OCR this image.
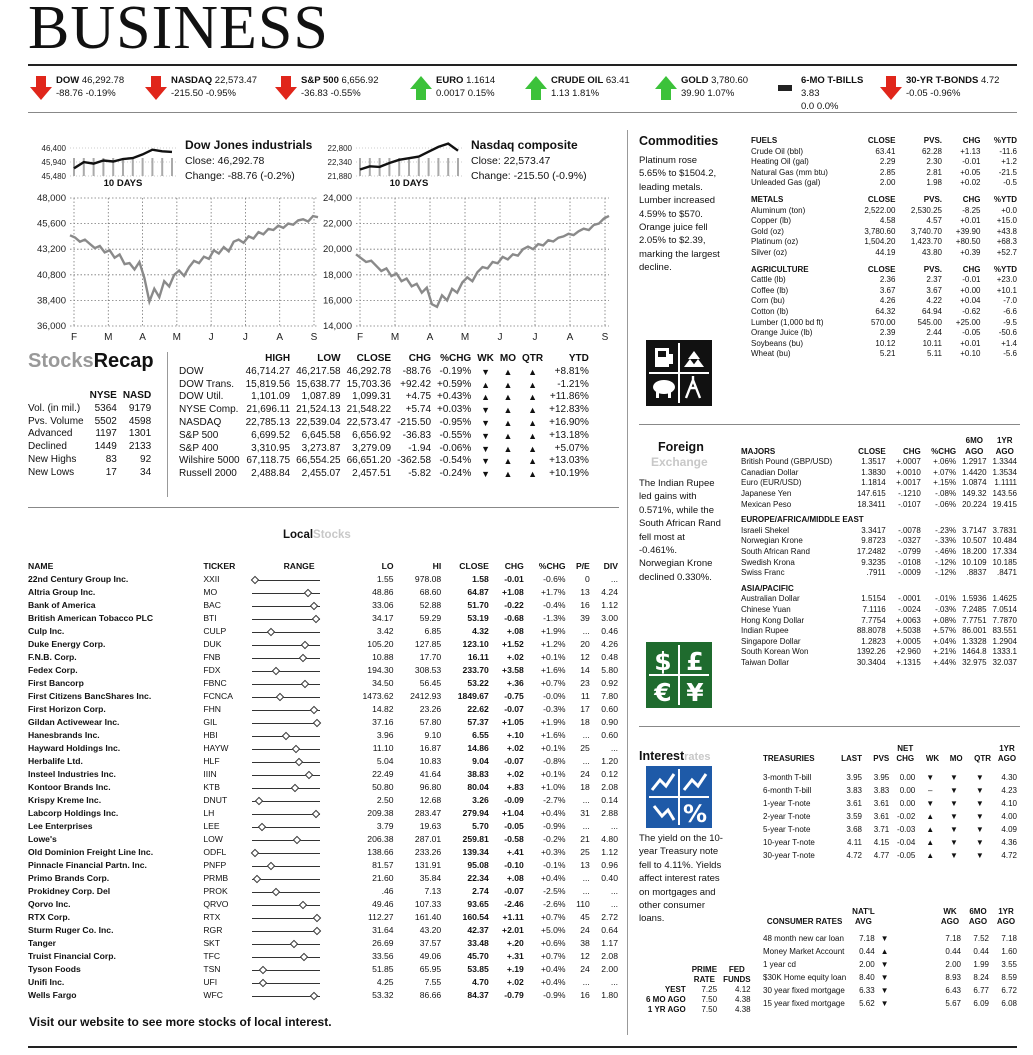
BUSINESS
DOW 46,292.78
-88.76 -0.19%
NASDAQ 22,573.47
-215.50 -0.95%
S&P 500 6,656.92
-36.83 -0.55%
EURO 1.1614
0.0017 0.15%
CRUDE OIL 63.41
1.13 1.81%
GOLD 3,780.60
39.90 1.07%
6-MO T-BILLS 3.83
0.0 0.0%
30-YR T-BONDS 4.72
-0.05 -0.96%
48,000
45,600
43,200
40,800
38,400
36,000
F	M	A	M	J	J	A	S
46,400
45,940
45,480
10 DAYS
Dow Jones industrials
Close: 46,292.78
Change: -88.76 (-0.2%)
24,000
22,000
20,000
18,000
16,000
14,000
F	M	A	M	J	J	A	S
22,800
22,340
21,880
10 DAYS
Nasdaq composite
Close: 22,573.47
Change: -215.50 (-0.9%)
StocksRecap
	NYSE	NASD
Vol. (in mil.)	5364	9179
Pvs. Volume	5502	4598
Advanced	1197	1301
Declined	1449	2133
New Highs	83	92
New Lows	17	34
	HIGH	LOW	CLOSE	CHG	%CHG	WK	MO	QTR	YTD
DOW	46,714.27	46,217.58	46,292.78	-88.76	-0.19%	▼	▲	▲	+8.81%
DOW Trans.	15,819.56	15,638.77	15,703.36	+92.42	+0.59%	▲	▲	▲	-1.21%
DOW Util.	1,101.09	1,087.89	1,099.31	+4.75	+0.43%	▲	▲	▲	+11.86%
NYSE Comp.	21,696.11	21,524.13	21,548.22	+5.74	+0.03%	▼	▲	▲	+12.83%
NASDAQ	22,785.13	22,539.04	22,573.47	-215.50	-0.95%	▼	▲	▲	+16.90%
S&P 500	6,699.52	6,645.58	6,656.92	-36.83	-0.55%	▼	▲	▲	+13.18%
S&P 400	3,310.95	3,273.87	3,279.09	-1.94	-0.06%	▼	▲	▲	+5.07%
Wilshire 5000	67,118.75	66,554.25	66,651.20	-362.58	-0.54%	▼	▲	▲	+13.03%
Russell 2000	2,488.84	2,455.07	2,457.51	-5.82	-0.24%	▼	▲	▲	+10.19%
LocalStocks
NAME	TICKER	RANGE	LO	HI	CLOSE	CHG	%CHG	P/E	DIV
22nd Century Group Inc.	XXII		1.55	978.08	1.58	-0.01	-0.6%	0	...
Altria Group Inc.	MO		48.86	68.60	64.87	+1.08	+1.7%	13	4.24
Bank of America	BAC		33.06	52.88	51.70	-0.22	-0.4%	16	1.12
British American Tobacco PLC	BTI		34.17	59.29	53.19	-0.68	-1.3%	39	3.00
Culp Inc.	CULP		3.42	6.85	4.32	+.08	+1.9%	...	0.46
Duke Energy Corp.	DUK		105.20	127.85	123.10	+1.52	+1.2%	20	4.26
F.N.B. Corp.	FNB		10.88	17.70	16.11	+.02	+0.1%	12	0.48
Fedex Corp.	FDX		194.30	308.53	233.70	+3.58	+1.6%	14	5.80
First Bancorp	FBNC		34.50	56.45	53.22	+.36	+0.7%	23	0.92
First Citizens BancShares Inc.	FCNCA		1473.62	2412.93	1849.67	-0.75	-0.0%	11	7.80
First Horizon Corp.	FHN		14.82	23.26	22.62	-0.07	-0.3%	17	0.60
Gildan Activewear Inc.	GIL		37.16	57.80	57.37	+1.05	+1.9%	18	0.90
Hanesbrands Inc.	HBI		3.96	9.10	6.55	+.10	+1.6%	...	0.60
Hayward Holdings Inc.	HAYW		11.10	16.87	14.86	+.02	+0.1%	25	...
Herbalife Ltd.	HLF		5.04	10.83	9.04	-0.07	-0.8%	...	1.20
Insteel Industries Inc.	IIIN		22.49	41.64	38.83	+.02	+0.1%	24	0.12
Kontoor Brands Inc.	KTB		50.80	96.80	80.04	+.83	+1.0%	18	2.08
Krispy Kreme Inc.	DNUT		2.50	12.68	3.26	-0.09	-2.7%	...	0.14
Labcorp Holdings Inc.	LH		209.38	283.47	279.94	+1.04	+0.4%	31	2.88
Lee Enterprises	LEE		3.79	19.63	5.70	-0.05	-0.9%	...	...
Lowe's	LOW		206.38	287.01	259.81	-0.58	-0.2%	21	4.80
Old Dominion Freight Line Inc.	ODFL		138.66	233.26	139.34	+.41	+0.3%	25	1.12
Pinnacle Financial Partn. Inc.	PNFP		81.57	131.91	95.08	-0.10	-0.1%	13	0.96
Primo Brands Corp.	PRMB		21.60	35.84	22.34	+.08	+0.4%	...	0.40
Prokidney Corp. Del	PROK		.46	7.13	2.74	-0.07	-2.5%	...	...
Qorvo Inc.	QRVO		49.46	107.33	93.65	-2.46	-2.6%	110	...
RTX Corp.	RTX		112.27	161.40	160.54	+1.11	+0.7%	45	2.72
Sturm Ruger Co. Inc.	RGR		31.64	43.20	42.37	+2.01	+5.0%	24	0.64
Tanger	SKT		26.69	37.57	33.48	+.20	+0.6%	38	1.17
Truist Financial Corp.	TFC		33.56	49.06	45.70	+.31	+0.7%	12	2.08
Tyson Foods	TSN		51.85	65.95	53.85	+.19	+0.4%	24	2.00
Unifi Inc.	UFI		4.25	7.55	4.70	+.02	+0.4%	...	...
Wells Fargo	WFC		53.32	86.66	84.37	-0.79	-0.9%	16	1.80
Visit our website to see more stocks of local interest.
Commodities
Platinum rose 5.65% to $1504.2, leading metals. Lumber increased 4.59% to $570. Orange juice fell 2.05% to $2.39, marking the largest decline.
FUELS	CLOSE	PVS.	CHG	%YTD
Crude Oil (bbl)	63.41	62.28	+1.13	-11.6
Heating Oil (gal)	2.29	2.30	-0.01	+1.2
Natural Gas (mm btu)	2.85	2.81	+0.05	-21.5
Unleaded Gas (gal)	2.00	1.98	+0.02	-0.5
METALS	CLOSE	PVS.	CHG	%YTD
Aluminum (ton)	2,522.00	2,530.25	-8.25	+0.0
Copper (lb)	4.58	4.57	+0.01	+15.0
Gold (oz)	3,780.60	3,740.70	+39.90	+43.8
Platinum (oz)	1,504.20	1,423.70	+80.50	+68.3
Silver (oz)	44.19	43.80	+0.39	+52.7
AGRICULTURE	CLOSE	PVS.	CHG	%YTD
Cattle (lb)	2.36	2.37	-0.01	+23.0
Coffee (lb)	3.67	3.67	+0.00	+10.1
Corn (bu)	4.26	4.22	+0.04	-7.0
Cotton (lb)	64.32	64.94	-0.62	-6.6
Lumber (1,000 bd ft)	570.00	545.00	+25.00	-9.5
Orange Juice (lb)	2.39	2.44	-0.05	-50.6
Soybeans (bu)	10.12	10.11	+0.01	+1.4
Wheat (bu)	5.21	5.11	+0.10	-5.6
Foreign
Exchange
The Indian Rupee led gains with 0.571%, while the South African Rand fell most at -0.461%. Norwegian Krone declined 0.330%.
$ £
€ ¥
MAJORS	CLOSE	CHG	%CHG	6MO AGO	1YR AGO
British Pound (GBP/USD)	1.3517	+.0007	+.06%	1.2917	1.3344
Canadian Dollar	1.3830	+.0010	+.07%	1.4420	1.3534
Euro (EUR/USD)	1.1814	+.0017	+.15%	1.0874	1.1111
Japanese Yen	147.615	-.1210	-.08%	149.32	143.56
Mexican Peso	18.3411	-.0107	-.06%	20.224	19.415
EUROPE/AFRICA/MIDDLE EAST					
Israeli Shekel	3.3417	-.0078	-.23%	3.7147	3.7831
Norwegian Krone	9.8723	-.0327	-.33%	10.507	10.484
South African Rand	17.2482	-.0799	-.46%	18.200	17.334
Swedish Krona	9.3235	-.0108	-.12%	10.109	10.185
Swiss Franc	.7911	-.0009	-.12%	.8837	.8471
ASIA/PACIFIC					
Australian Dollar	1.5154	-.0001	-.01%	1.5936	1.4625
Chinese Yuan	7.1116	-.0024	-.03%	7.2485	7.0514
Hong Kong Dollar	7.7754	+.0063	+.08%	7.7751	7.7870
Indian Rupee	88.8078	+.5038	+.57%	86.001	83.551
Singapore Dollar	1.2823	+.0005	+.04%	1.3328	1.2904
South Korean Won	1392.26	+2.960	+.21%	1464.8	1333.1
Taiwan Dollar	30.3404	+.1315	+.44%	32.975	32.037
Interestrates
%
The yield on the 10-year Treasury note fell to 4.11%. Yields affect interest rates on mortgages and other consumer loans.
	PRIME RATE	FED FUNDS
YEST	7.25	4.12
6 MO AGO	7.50	4.38
1 YR AGO	7.50	4.38
TREASURIES	LAST	PVS	NET CHG	WK	MO	QTR	1YR AGO
3-month T-bill	3.95	3.95	0.00	▼	▼	▼	4.30
6-month T-bill	3.83	3.83	0.00	–	▼	▼	4.23
1-year T-note	3.61	3.61	0.00	▼	▼	▼	4.10
2-year T-note	3.59	3.61	-0.02	▲	▼	▼	4.00
5-year T-note	3.68	3.71	-0.03	▲	▼	▼	4.09
10-year T-note	4.11	4.15	-0.04	▲	▼	▼	4.36
30-year T-note	4.72	4.77	-0.05	▲	▼	▼	4.72
CONSUMER RATES	NAT'L AVG		WK AGO	6MO AGO	1YR AGO
48 month new car loan	7.18	▼	7.18	7.52	7.18
Money Market Account	0.44	▲	0.44	0.44	1.60
1 year cd	2.00	▼	2.00	1.99	3.55
$30K Home equity loan	8.40	▼	8.93	8.24	8.59
30 year fixed mortgage	6.33	▼	6.43	6.77	6.72
15 year fixed mortgage	5.62	▼	5.67	6.09	6.08
